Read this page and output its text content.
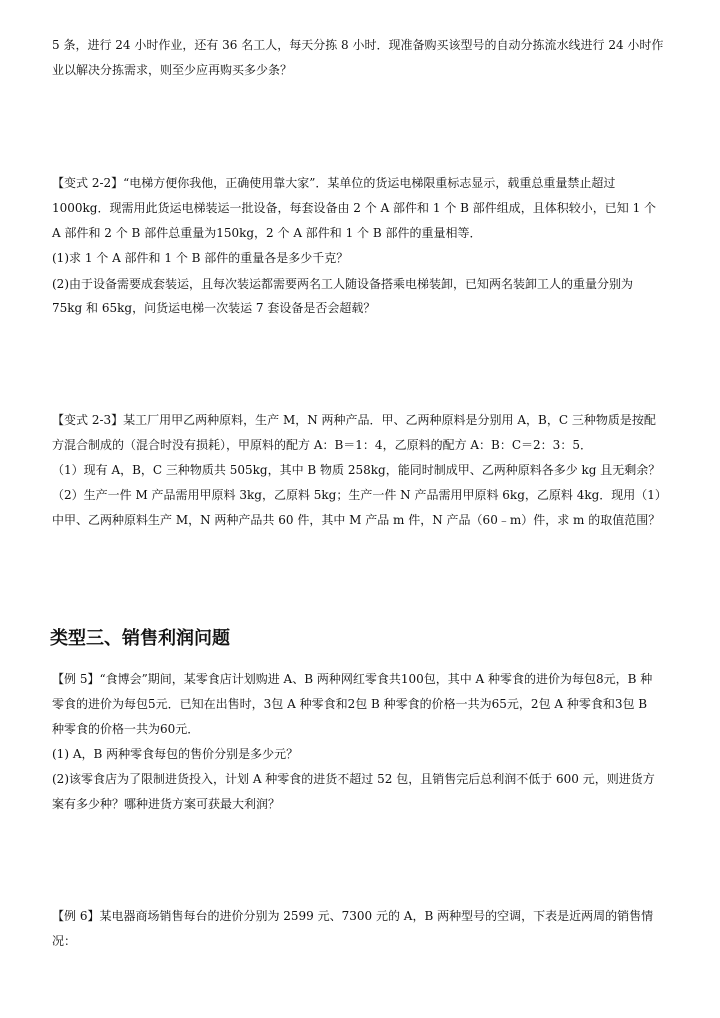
5 条，进行 24 小时作业，还有 36 名工人，每天分拣 8 小时．现准备购买该型号的自动分拣流水线进行 24 小时作
业以解决分拣需求，则至少应再购买多少条？
【变式 2-2】“电梯方便你我他，正确使用靠大家”．某单位的货运电梯限重标志显示，载重总重量禁止超过
1000kg．现需用此货运电梯装运一批设备，每套设备由 2 个 A 部件和 1 个 B 部件组成，且体积较小，已知 1 个
A 部件和 2 个 B 部件总重量为150kg，2 个 A 部件和 1 个 B 部件的重量相等．
(1)求 1 个 A 部件和 1 个 B 部件的重量各是多少千克？
(2)由于设备需要成套装运，且每次装运都需要两名工人随设备搭乘电梯装卸，已知两名装卸工人的重量分别为
75kg 和 65kg，问货运电梯一次装运 7 套设备是否会超载？
【变式 2-3】某工厂用甲乙两种原料，生产 M，N 两种产品．甲、乙两种原料是分别用 A，B，C 三种物质是按配
方混合制成的（混合时没有损耗），甲原料的配方 A：B＝1：4，乙原料的配方 A：B：C＝2：3：5．
（1）现有 A，B，C 三种物质共 505kg，其中 B 物质 258kg，能同时制成甲、乙两种原料各多少 kg 且无剩余？
（2）生产一件 M 产品需用甲原料 3kg，乙原料 5kg；生产一件 N 产品需用甲原料 6kg，乙原料 4kg．现用（1）
中甲、乙两种原料生产 M，N 两种产品共 60 件，其中 M 产品 m 件，N 产品（60﹣m）件，求 m 的取值范围？
类型三、销售利润问题
【例 5】“食博会”期间，某零食店计划购进 A、B 两种网红零食共100包，其中 A 种零食的进价为每包8元，B 种
零食的进价为每包5元．已知在出售时，3包 A 种零食和2包 B 种零食的价格一共为65元，2包 A 种零食和3包 B
种零食的价格一共为60元．
(1) A，B 两种零食每包的售价分别是多少元？
(2)该零食店为了限制进货投入，计划 A 种零食的进货不超过 52 包，且销售完后总利润不低于 600 元，则进货方
案有多少种？哪种进货方案可获最大利润？
【例 6】某电器商场销售每台的进价分别为 2599 元、7300 元的 A，B 两种型号的空调，下表是近两周的销售情
况：
